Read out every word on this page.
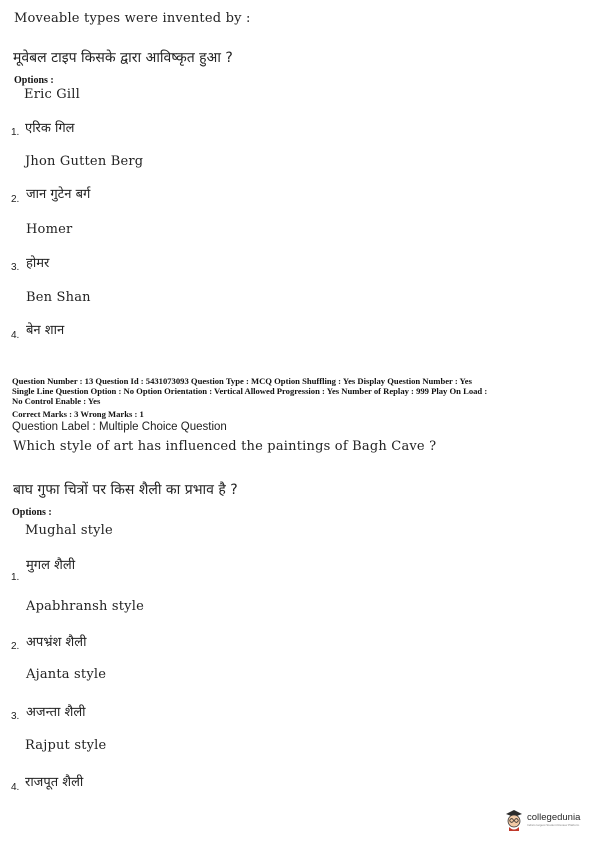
Moveable types were invented by :
मूवेबल टाइप किसके द्वारा आविष्कृत हुआ ?
Options :
Eric Gill
1. एरिक गिल
Jhon Gutten Berg
2. जान गुटेन बर्ग
Homer
3. होमर
Ben Shan
4. बेन शान
Question Number : 13 Question Id : 5431073093 Question Type : MCQ Option Shuffling : Yes Display Question Number : Yes
Single Line Question Option : No Option Orientation : Vertical Allowed Progression : Yes Number of Replay : 999 Play On Load :
No Control Enable : Yes
Correct Marks : 3 Wrong Marks : 1
Question Label : Multiple Choice Question
Which style of art has influenced the paintings of Bagh Cave ?
बाघ गुफा चित्रों पर किस शैली का प्रभाव है ?
Options :
Mughal style
मुगल शैली
1.
Apabhransh style
2. अपभ्रंश शैली
Ajanta style
3. अजन्ता शैली
Rajput style
4. राजपूत शैली
collegedunia
India's largest Student Review Platform
